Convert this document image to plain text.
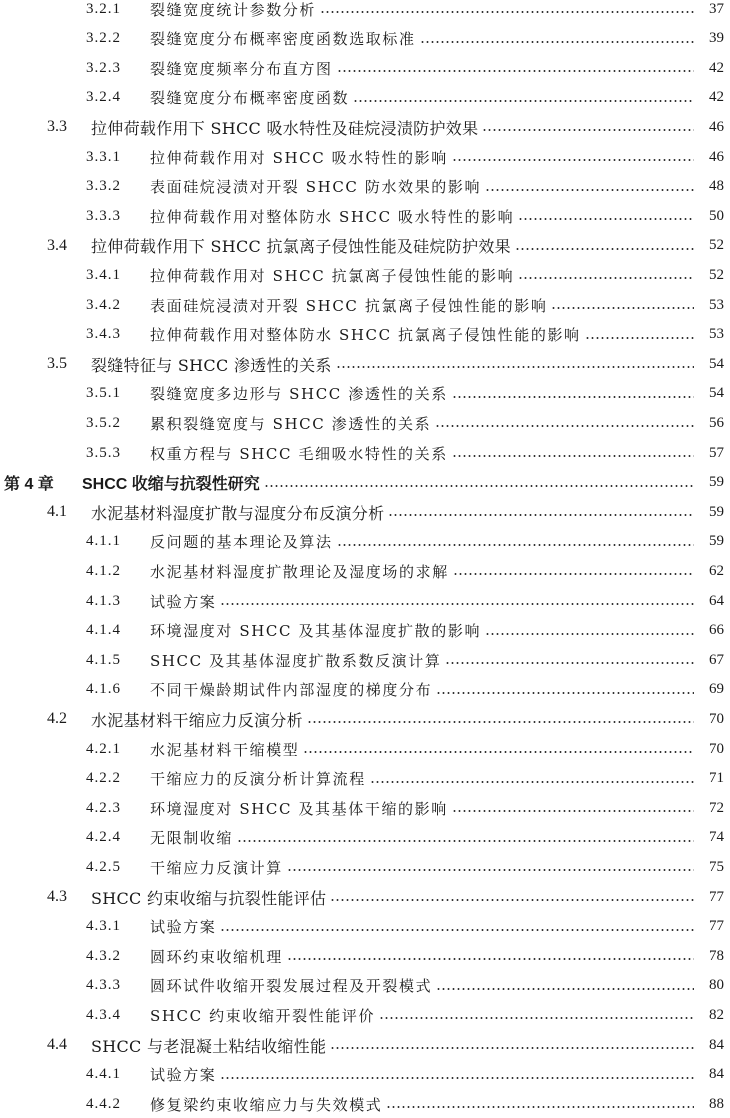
3.2.1	裂缝宽度统计参数分析	37
3.2.2	裂缝宽度分布概率密度函数选取标准	39
3.2.3	裂缝宽度频率分布直方图	42
3.2.4	裂缝宽度分布概率密度函数	42
3.3	拉伸荷载作用下 SHCC 吸水特性及硅烷浸渍防护效果	46
3.3.1	拉伸荷载作用对 SHCC 吸水特性的影响	46
3.3.2	表面硅烷浸渍对开裂 SHCC 防水效果的影响	48
3.3.3	拉伸荷载作用对整体防水 SHCC 吸水特性的影响	50
3.4	拉伸荷载作用下 SHCC 抗氯离子侵蚀性能及硅烷防护效果	52
3.4.1	拉伸荷载作用对 SHCC 抗氯离子侵蚀性能的影响	52
3.4.2	表面硅烷浸渍对开裂 SHCC 抗氯离子侵蚀性能的影响	53
3.4.3	拉伸荷载作用对整体防水 SHCC 抗氯离子侵蚀性能的影响	53
3.5	裂缝特征与 SHCC 渗透性的关系	54
3.5.1	裂缝宽度多边形与 SHCC 渗透性的关系	54
3.5.2	累积裂缝宽度与 SHCC 渗透性的关系	56
3.5.3	权重方程与 SHCC 毛细吸水特性的关系	57
第 4 章	SHCC 收缩与抗裂性研究	59
4.1	水泥基材料湿度扩散与湿度分布反演分析	59
4.1.1	反问题的基本理论及算法	59
4.1.2	水泥基材料湿度扩散理论及湿度场的求解	62
4.1.3	试验方案	64
4.1.4	环境湿度对 SHCC 及其基体湿度扩散的影响	66
4.1.5	SHCC 及其基体湿度扩散系数反演计算	67
4.1.6	不同干燥龄期试件内部湿度的梯度分布	69
4.2	水泥基材料干缩应力反演分析	70
4.2.1	水泥基材料干缩模型	70
4.2.2	干缩应力的反演分析计算流程	71
4.2.3	环境湿度对 SHCC 及其基体干缩的影响	72
4.2.4	无限制收缩	74
4.2.5	干缩应力反演计算	75
4.3	SHCC 约束收缩与抗裂性能评估	77
4.3.1	试验方案	77
4.3.2	圆环约束收缩机理	78
4.3.3	圆环试件收缩开裂发展过程及开裂模式	80
4.3.4	SHCC 约束收缩开裂性能评价	82
4.4	SHCC 与老混凝土粘结收缩性能	84
4.4.1	试验方案	84
4.4.2	修复梁约束收缩应力与失效模式	88
